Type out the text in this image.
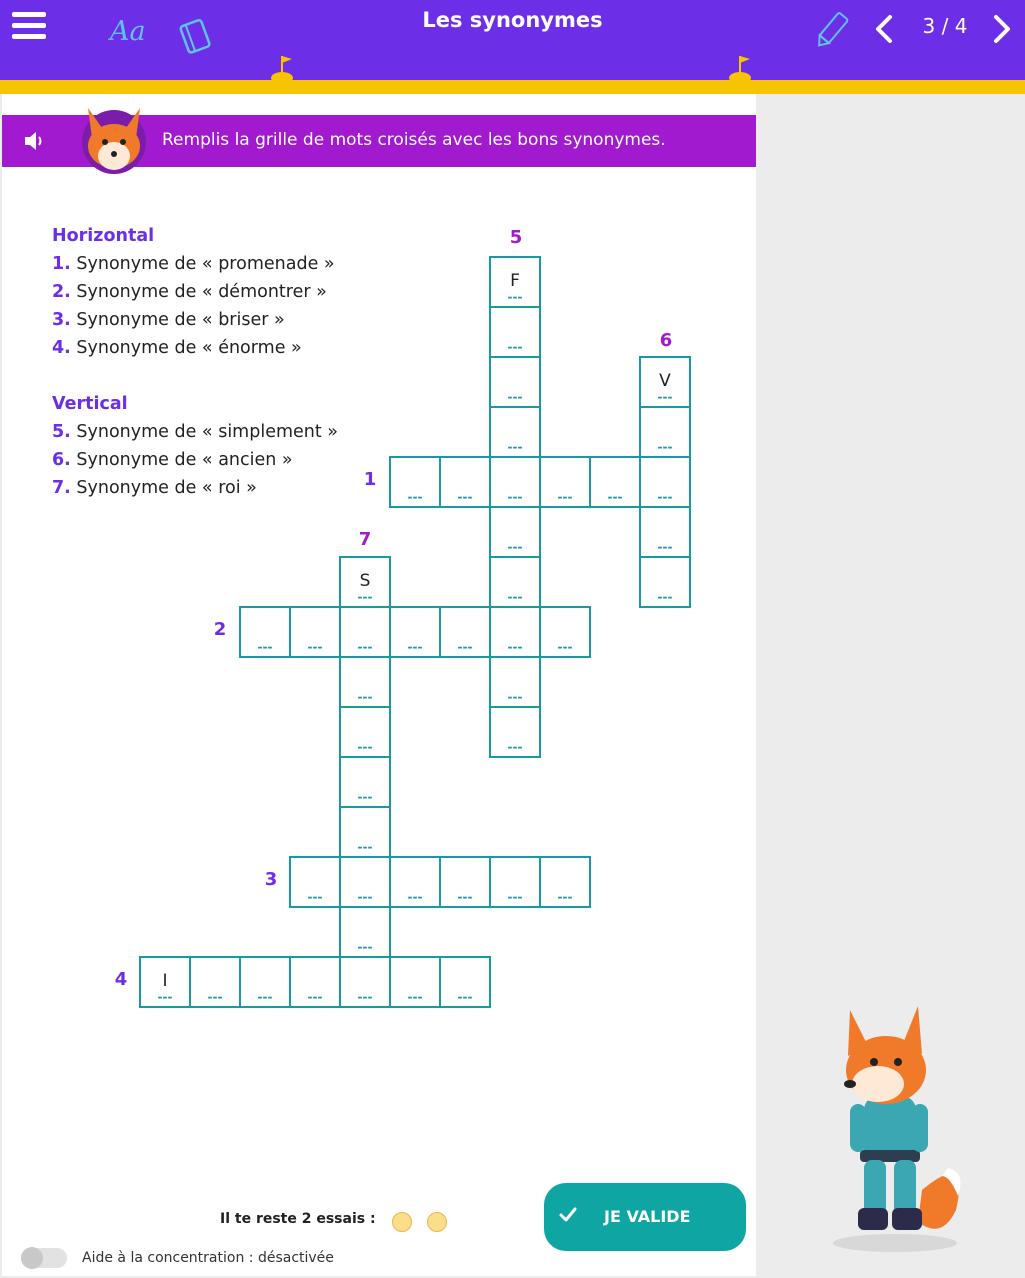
Aa	Les synonymes	3 / 4
Remplis la grille de mots croisés avec les bons synonymes.
Horizontal
1. Synonyme de « promenade »
2. Synonyme de « démontrer »
3. Synonyme de « briser »
4. Synonyme de « énorme »
Vertical
5. Synonyme de « simplement »
6. Synonyme de « ancien »
7. Synonyme de « roi »
F
---
---
---
---
---
---
---
---
---
---
V
---
---
---
---
---
---	---	---	---
S
---
---
---
---
---
---
---
---
---	---	---	---	---
---	---	---	---	---
I
---	---	---	---	---	---	---
1
2
3
4
5
6
7
Il te reste 2 essais :
Aide à la concentration : désactivée
JE VALIDE
